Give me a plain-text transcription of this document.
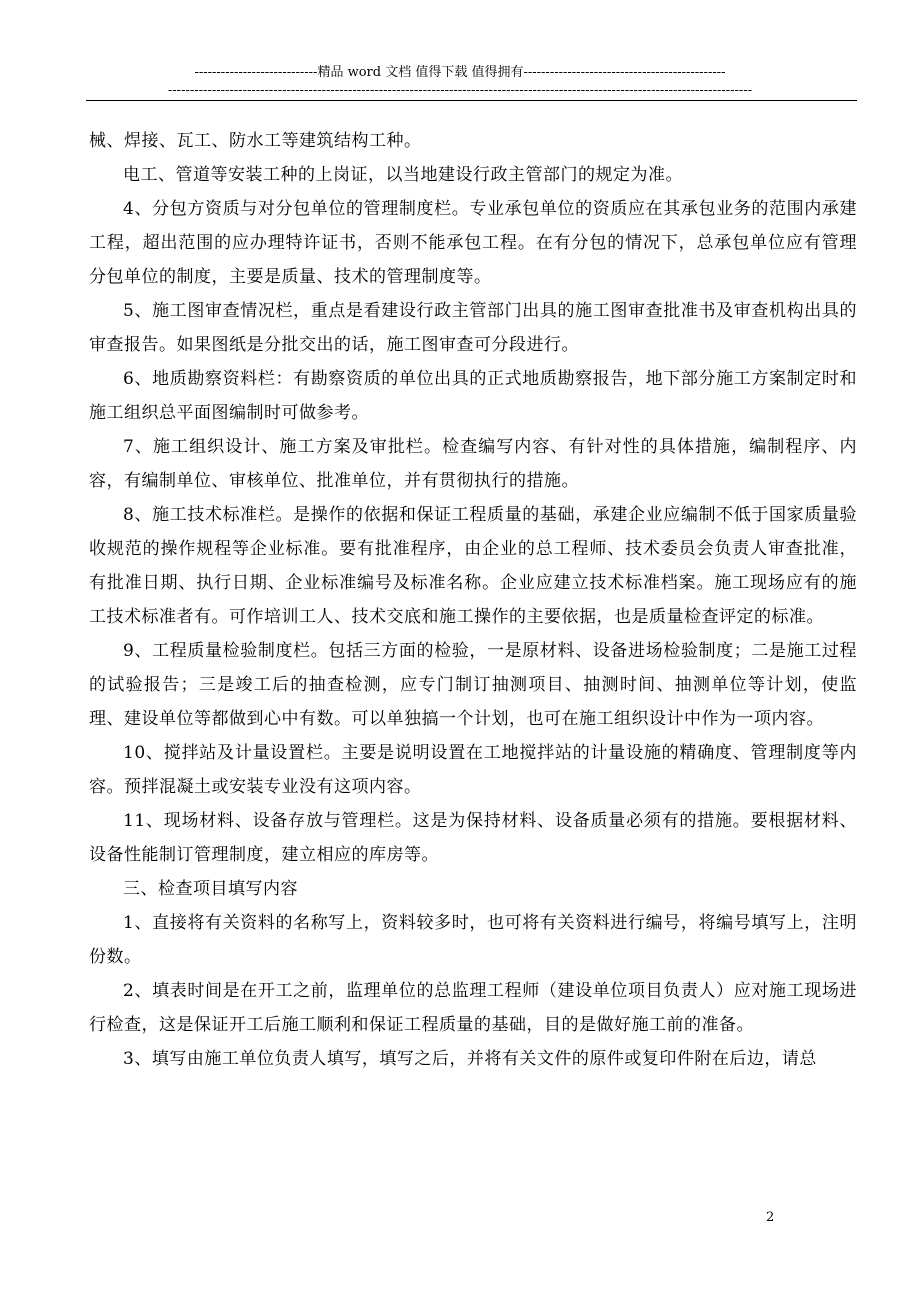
----------------------------精品 word 文档 值得下载 值得拥有----------------------------------------------
-------------------------------------------------------------------------------------------------------------------------------------

械、焊接、瓦工、防水工等建筑结构工种。

电工、管道等安装工种的上岗证，以当地建设行政主管部门的规定为准。

4、分包方资质与对分包单位的管理制度栏。专业承包单位的资质应在其承包业务的范围内承建工程，超出范围的应办理特许证书，否则不能承包工程。在有分包的情况下，总承包单位应有管理分包单位的制度，主要是质量、技术的管理制度等。

5、施工图审查情况栏，重点是看建设行政主管部门出具的施工图审查批准书及审查机构出具的审查报告。如果图纸是分批交出的话，施工图审查可分段进行。

6、地质勘察资料栏：有勘察资质的单位出具的正式地质勘察报告，地下部分施工方案制定时和施工组织总平面图编制时可做参考。

7、施工组织设计、施工方案及审批栏。检查编写内容、有针对性的具体措施，编制程序、内容，有编制单位、审核单位、批准单位，并有贯彻执行的措施。

8、施工技术标准栏。是操作的依据和保证工程质量的基础，承建企业应编制不低于国家质量验收规范的操作规程等企业标准。要有批准程序，由企业的总工程师、技术委员会负责人审查批准，有批准日期、执行日期、企业标准编号及标准名称。企业应建立技术标准档案。施工现场应有的施工技术标准者有。可作培训工人、技术交底和施工操作的主要依据，也是质量检查评定的标准。

9、工程质量检验制度栏。包括三方面的检验，一是原材料、设备进场检验制度；二是施工过程的试验报告；三是竣工后的抽查检测，应专门制订抽测项目、抽测时间、抽测单位等计划，使监理、建设单位等都做到心中有数。可以单独搞一个计划，也可在施工组织设计中作为一项内容。

10、搅拌站及计量设置栏。主要是说明设置在工地搅拌站的计量设施的精确度、管理制度等内容。预拌混凝土或安装专业没有这项内容。

11、现场材料、设备存放与管理栏。这是为保持材料、设备质量必须有的措施。要根据材料、设备性能制订管理制度，建立相应的库房等。

三、检查项目填写内容

1、直接将有关资料的名称写上，资料较多时，也可将有关资料进行编号，将编号填写上，注明份数。

2、填表时间是在开工之前，监理单位的总监理工程师（建设单位项目负责人）应对施工现场进行检查，这是保证开工后施工顺利和保证工程质量的基础，目的是做好施工前的准备。

3、填写由施工单位负责人填写，填写之后，并将有关文件的原件或复印件附在后边，请总

2
